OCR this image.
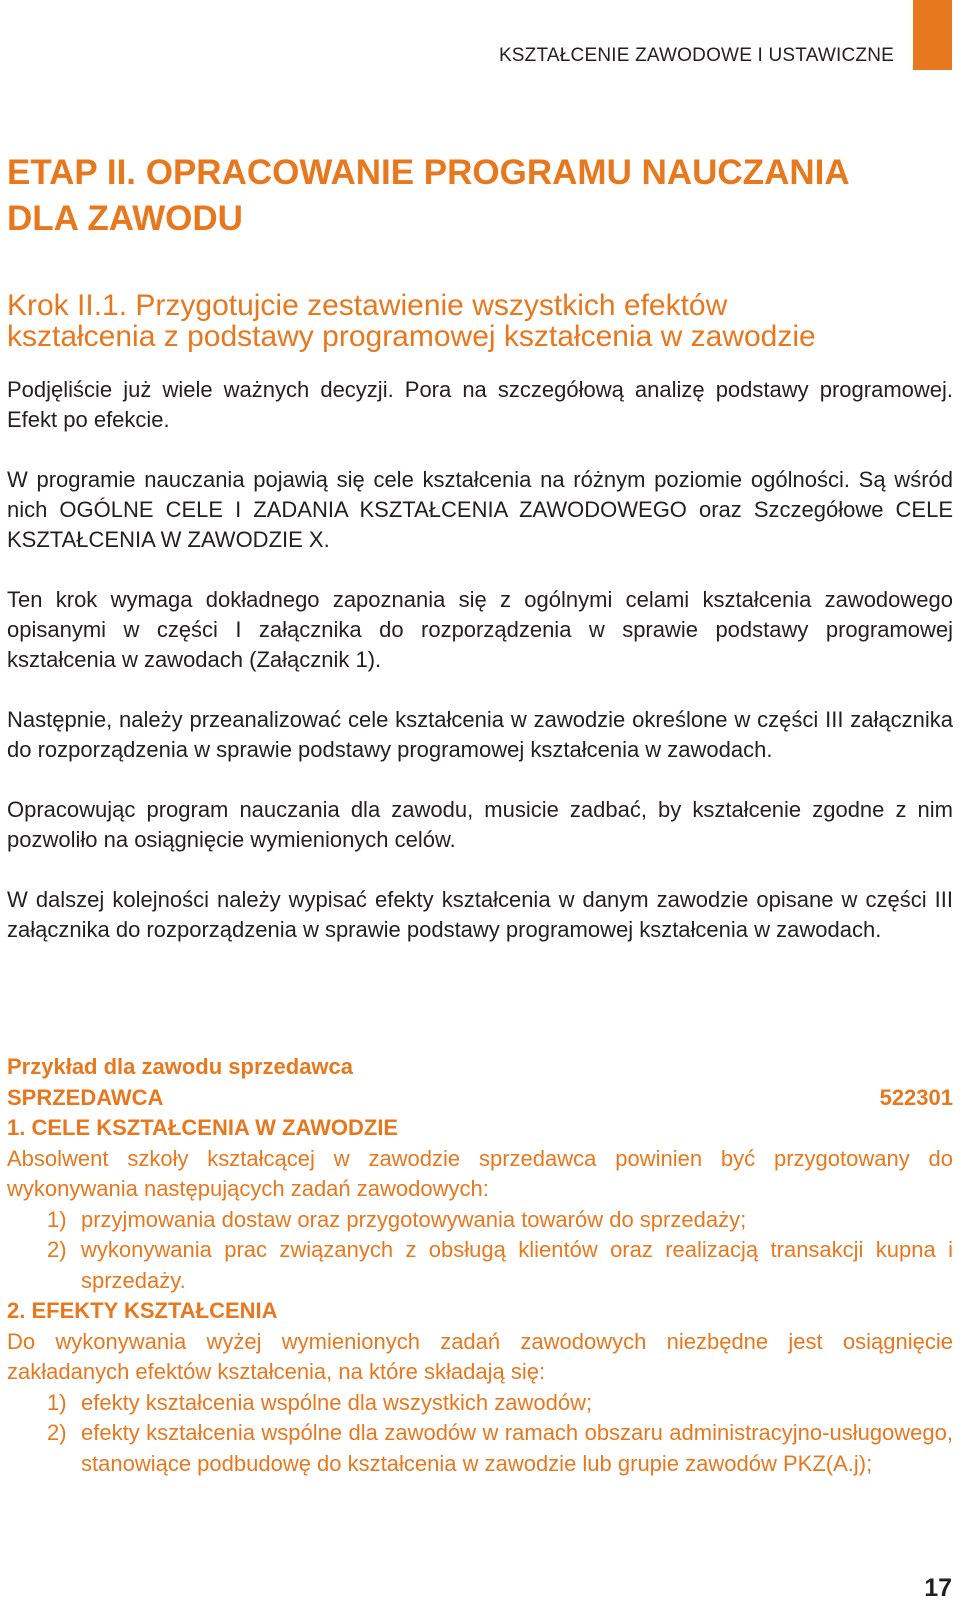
KSZTAŁCENIE ZAWODOWE I USTAWICZNE
ETAP II. OPRACOWANIE PROGRAMU NAUCZANIA
DLA ZAWODU
Krok II.1. Przygotujcie zestawienie wszystkich efektów
kształcenia z podstawy programowej kształcenia w zawodzie

Podjęliście już wiele ważnych decyzji. Pora na szczegółową analizę podstawy programowej. Efekt po efekcie.

W programie nauczania pojawią się cele kształcenia na różnym poziomie ogólności. Są wśród nich OGÓLNE CELE I ZADANIA KSZTAŁCENIA ZAWODOWEGO oraz Szczegółowe CELE KSZTAŁCENIA W ZAWODZIE X.

Ten krok wymaga dokładnego zapoznania się z ogólnymi celami kształcenia zawodowego opisanymi w części I załącznika do rozporządzenia w sprawie podstawy programowej kształcenia w zawodach (Załącznik 1).

Następnie, należy przeanalizować cele kształcenia w zawodzie określone w części III załącznika do rozporządzenia w sprawie podstawy programowej kształcenia w zawodach.

Opracowując program nauczania dla zawodu, musicie zadbać, by kształcenie zgodne z nim pozwoliło na osiągnięcie wymienionych celów.

W dalszej kolejności należy wypisać efekty kształcenia w danym zawodzie opisane w części III załącznika do rozporządzenia w sprawie podstawy programowej kształcenia w zawodach.

Przykład dla zawodu sprzedawca
SPRZEDAWCA	522301
1. CELE KSZTAŁCENIA W ZAWODZIE
Absolwent szkoły kształcącej w zawodzie sprzedawca powinien być przygotowany do wykonywania następujących zadań zawodowych:
1) przyjmowania dostaw oraz przygotowywania towarów do sprzedaży;
2) wykonywania prac związanych z obsługą klientów oraz realizacją transakcji kupna i sprzedaży.
2. EFEKTY KSZTAŁCENIA
Do wykonywania wyżej wymienionych zadań zawodowych niezbędne jest osiągnięcie zakładanych efektów kształcenia, na które składają się:
1) efekty kształcenia wspólne dla wszystkich zawodów;
2) efekty kształcenia wspólne dla zawodów w ramach obszaru administracyjno-usługowego, stanowiące podbudowę do kształcenia w zawodzie lub grupie zawodów PKZ(A.j);
17
